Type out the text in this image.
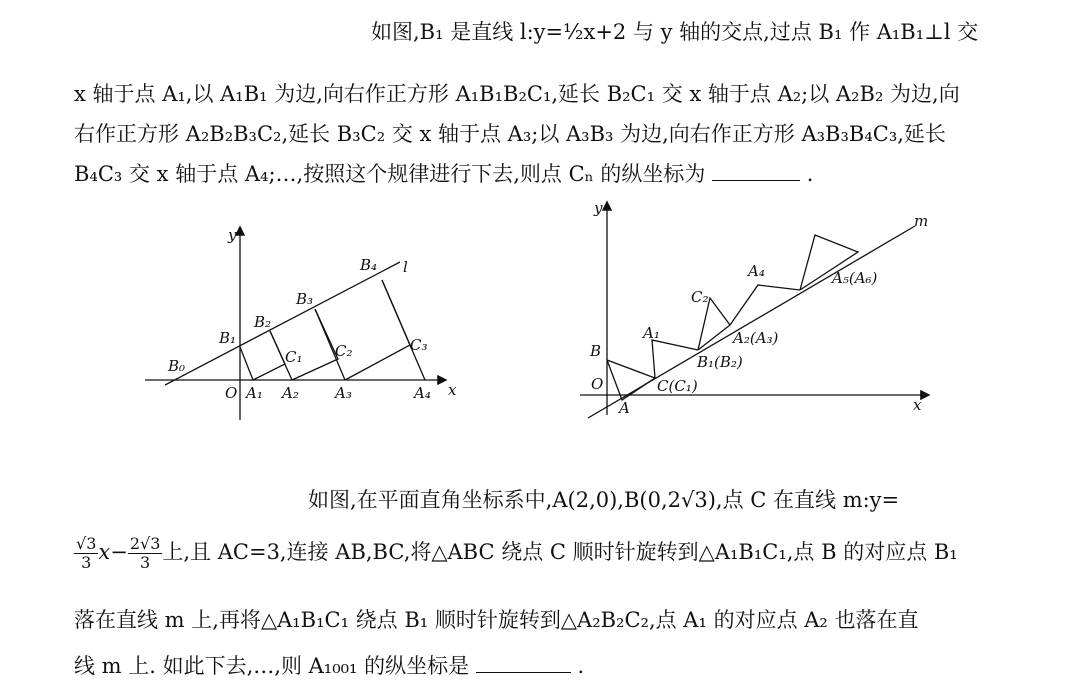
如图,B₁ 是直线 l:y=½x+2 与 y 轴的交点,过点 B₁ 作 A₁B₁⊥l 交
x 轴于点 A₁,以 A₁B₁ 为边,向右作正方形 A₁B₁B₂C₁,延长 B₂C₁ 交 x 轴于点 A₂;以 A₂B₂ 为边,向
右作正方形 A₂B₂B₃C₂,延长 B₃C₂ 交 x 轴于点 A₃;以 A₃B₃ 为边,向右作正方形 A₃B₃B₄C₃,延长
B₄C₃ 交 x 轴于点 A₄;…,按照这个规律进行下去,则点 Cₙ 的纵坐标为	.
y
x
l
O
B₀
B₁
B₂
B₃
B₄
A₁ A₂ A₃	A₄
C₁ C₂	C₃
y
x
m
O
B
A
C(C₁)
A₁
B₁(B₂)
C₂
A₂(A₃)
A₄	A₅(A₆)
如图,在平面直角坐标系中,A(2,0),B(0,2√3),点 C 在直线 m:y=
$\frac{√3}{3} x- \frac{2√3}{3}$ 上,且 AC=3,连接 AB,BC,将△ABC 绕点 C 顺时针旋转到△A₁B₁C₁,点 B 的对应点 B₁
落在直线 m 上,再将△A₁B₁C₁ 绕点 B₁ 顺时针旋转到△A₂B₂C₂,点 A₁ 的对应点 A₂ 也落在直
线 m 上. 如此下去,…,则 A₁₀₀₁ 的纵坐标是	.
